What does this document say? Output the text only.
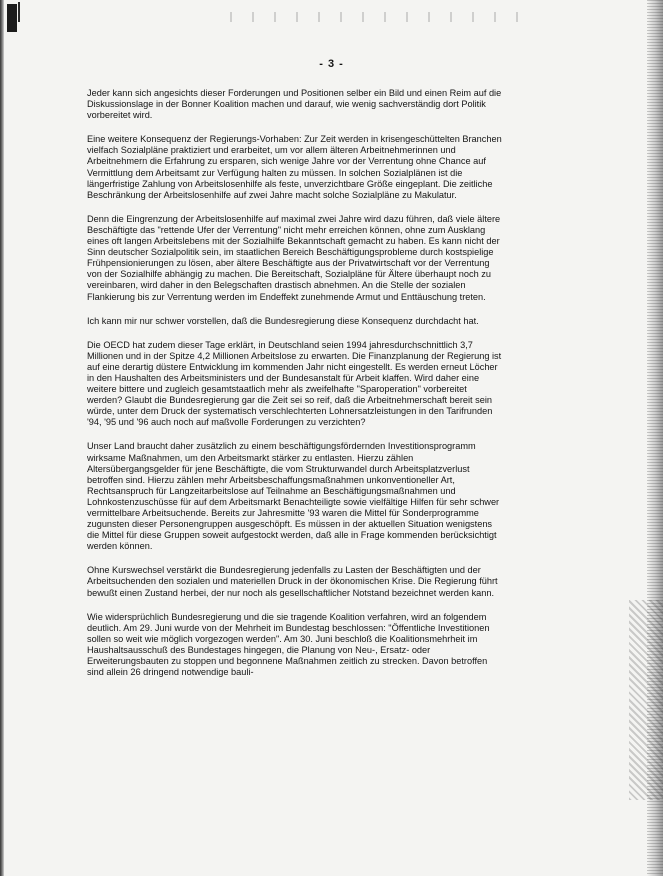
- 3 -

Jeder kann sich angesichts dieser Forderungen und Positionen selber ein Bild und einen Reim auf die Diskussionslage in der Bonner Koalition machen und darauf, wie wenig sachverständig dort Politik vorbereitet wird.

Eine weitere Konsequenz der Regierungs-Vorhaben: Zur Zeit werden in krisengeschüttelten Branchen vielfach Sozialpläne praktiziert und erarbeitet, um vor allem älteren Arbeitnehmerinnen und Arbeitnehmern die Erfahrung zu ersparen, sich wenige Jahre vor der Verrentung ohne Chance auf Vermittlung dem Arbeitsamt zur Verfügung halten zu müssen. In solchen Sozialplänen ist die längerfristige Zahlung von Arbeitslosenhilfe als feste, unverzichtbare Größe eingeplant. Die zeitliche Beschränkung der Arbeitslosenhilfe auf zwei Jahre macht solche Sozialpläne zu Makulatur.

Denn die Eingrenzung der Arbeitslosenhilfe auf maximal zwei Jahre wird dazu führen, daß viele ältere Beschäftigte das "rettende Ufer der Verrentung" nicht mehr erreichen können, ohne zum Ausklang eines oft langen Arbeitslebens mit der Sozialhilfe Bekanntschaft gemacht zu haben. Es kann nicht der Sinn deutscher Sozialpolitik sein, im staatlichen Bereich Beschäftigungsprobleme durch kostspielige Frühpensionierungen zu lösen, aber ältere Beschäftigte aus der Privatwirtschaft vor der Verrentung von der Sozialhilfe abhängig zu machen. Die Bereitschaft, Sozialpläne für Ältere überhaupt noch zu vereinbaren, wird daher in den Belegschaften drastisch abnehmen. An die Stelle der sozialen Flankierung bis zur Verrentung werden im Endeffekt zunehmende Armut und Enttäuschung treten.

Ich kann mir nur schwer vorstellen, daß die Bundesregierung diese Konsequenz durchdacht hat.

Die OECD hat zudem dieser Tage erklärt, in Deutschland seien 1994 jahresdurchschnittlich 3,7 Millionen und in der Spitze 4,2 Millionen Arbeitslose zu erwarten. Die Finanzplanung der Regierung ist auf eine derartig düstere Entwicklung im kommenden Jahr nicht eingestellt. Es werden erneut Löcher in den Haushalten des Arbeitsministers und der Bundesanstalt für Arbeit klaffen. Wird daher eine weitere bittere und zugleich gesamtstaatlich mehr als zweifelhafte "Sparoperation" vorbereitet werden? Glaubt die Bundesregierung gar die Zeit sei so reif, daß die Arbeitnehmerschaft bereit sein würde, unter dem Druck der systematisch verschlechterten Lohnersatzleistungen in den Tarifrunden '94, '95 und '96 auch noch auf maßvolle Forderungen zu verzichten?

Unser Land braucht daher zusätzlich zu einem beschäftigungsfördernden Investitionsprogramm wirksame Maßnahmen, um den Arbeitsmarkt stärker zu entlasten. Hierzu zählen Altersübergangsgelder für jene Beschäftigte, die vom Strukturwandel durch Arbeitsplatzverlust betroffen sind. Hierzu zählen mehr Arbeitsbeschaffungsmaßnahmen unkonventioneller Art, Rechtsanspruch für Langzeitarbeitslose auf Teilnahme an Beschäftigungsmaßnahmen und Lohnkostenzuschüsse für auf dem Arbeitsmarkt Benachteiligte sowie vielfältige Hilfen für sehr schwer vermittelbare Arbeitsuchende. Bereits zur Jahresmitte '93 waren die Mittel für Sonderprogramme zugunsten dieser Personengruppen ausgeschöpft. Es müssen in der aktuellen Situation wenigstens die Mittel für diese Gruppen soweit aufgestockt werden, daß alle in Frage kommenden berücksichtigt werden können.

Ohne Kurswechsel verstärkt die Bundesregierung jedenfalls zu Lasten der Beschäftigten und der Arbeitsuchenden den sozialen und materiellen Druck in der ökonomischen Krise. Die Regierung führt bewußt einen Zustand herbei, der nur noch als gesellschaftlicher Notstand bezeichnet werden kann.

Wie widersprüchlich Bundesregierung und die sie tragende Koalition verfahren, wird an folgendem deutlich. Am 29. Juni wurde von der Mehrheit im Bundestag beschlossen: "Öffentliche Investitionen sollen so weit wie möglich vorgezogen werden". Am 30. Juni beschloß die Koalitionsmehrheit im Haushaltsausschuß des Bundestages hingegen, die Planung von Neu-, Ersatz- oder Erweiterungsbauten zu stoppen und begonnene Maßnahmen zeitlich zu strecken. Davon betroffen sind allein 26 dringend notwendige bauli-
